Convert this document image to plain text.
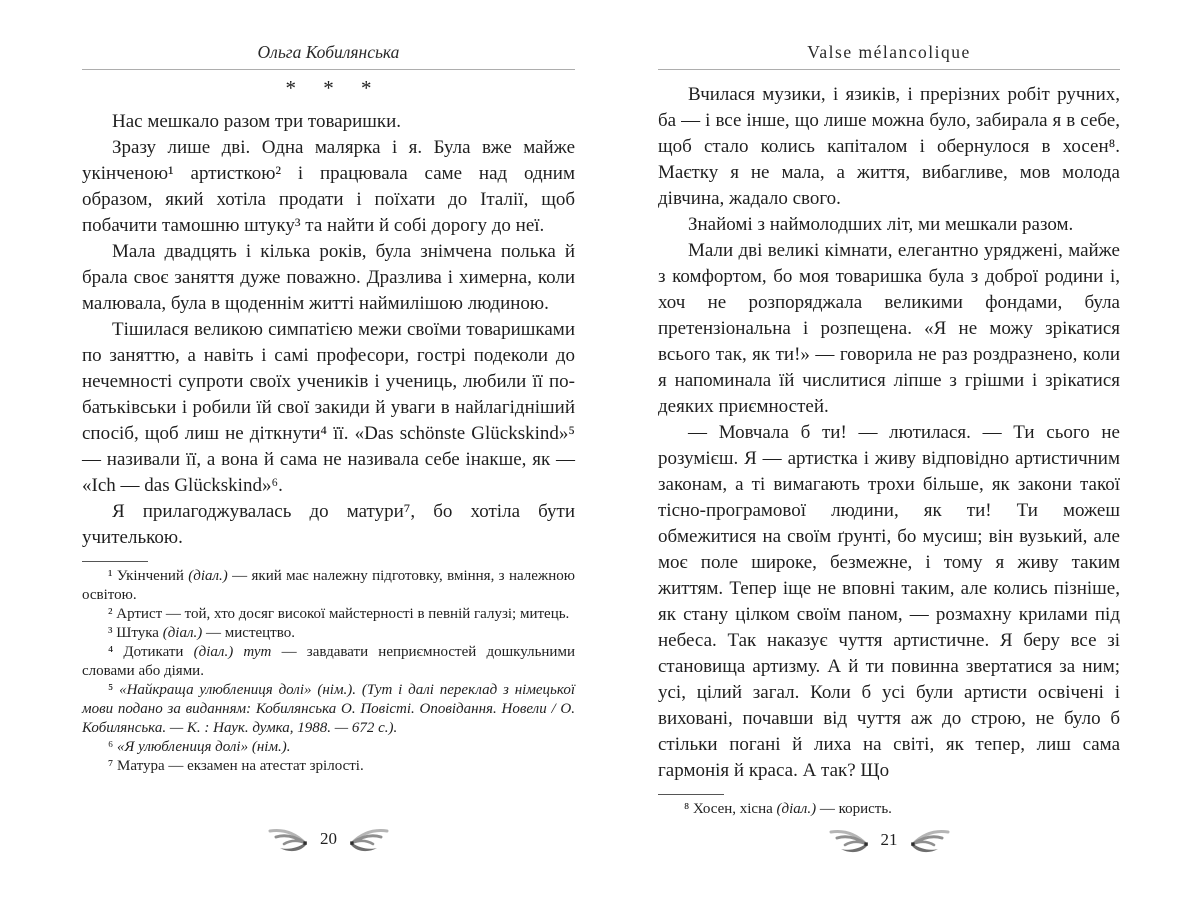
Ольга Кобилянська
* * *

Нас мешкало разом три товаришки.

Зразу лише дві. Одна малярка і я. Була вже майже укінченою¹ артисткою² і працювала саме над одним образом, який хотіла продати і поїхати до Італії, щоб побачити тамошню штуку³ та найти й собі дорогу до неї.

Мала двадцять і кілька років, була знімчена полька й брала своє заняття дуже поважно. Дразлива і химерна, коли малювала, була в щоденнім житті наймилішою людиною.

Тішилася великою симпатією межи своїми товаришками по заняттю, а навіть і самі професори, гострі подеколи до нечемності супроти своїх учеників і учениць, любили її по-батьківськи і робили їй свої закиди й уваги в найлагідніший спосіб, щоб лиш не діткнути⁴ її. «Das schönste Glückskind»⁵ — називали її, а вона й сама не називала себе інакше, як — «Ich — das Glückskind»⁶.

Я прилагоджувалась до матури⁷, бо хотіла бути учителькою.

¹ Укінчений (діал.) — який має належну підготовку, вміння, з належною освітою.

² Артист — той, хто досяг високої майстерності в певній галузі; митець.

³ Штука (діал.) — мистецтво.

⁴ Дотикати (діал.) тут — завдавати неприємностей дошкульними словами або діями.

⁵ «Найкраща улюблениця долі» (нім.). (Тут і далі переклад з німецької мови подано за виданням: Кобилянська О. Повісті. Оповідання. Новели / О. Кобилянська. — К. : Наук. думка, 1988. — 672 с.).

⁶ «Я улюблениця долі» (нім.).

⁷ Матура — екзамен на атестат зрілості.

20
Valse mélancolique

Вчилася музики, і язиків, і прерізних робіт ручних, ба — і все інше, що лише можна було, забирала я в себе, щоб стало колись капіталом і обернулося в хосен⁸. Маєтку я не мала, а життя, вибагливе, мов молода дівчина, жадало свого.

Знайомі з наймолодших літ, ми мешкали разом.

Мали дві великі кімнати, елегантно уряджені, майже з комфортом, бо моя товаришка була з доброї родини і, хоч не розпоряджала великими фондами, була претензіональна і розпещена. «Я не можу зрікатися всього так, як ти!» — говорила не раз роздразнено, коли я напоминала їй числитися ліпше з грішми і зрікатися деяких приємностей.

— Мовчала б ти! — лютилася. — Ти сього не розумієш. Я — артистка і живу відповідно артистичним законам, а ті вимагають трохи більше, як закони такої тісно-програмової людини, як ти! Ти можеш обмежитися на своїм ґрунті, бо мусиш; він вузький, але моє поле широке, безмежне, і тому я живу таким життям. Тепер іще не вповні таким, але колись пізніше, як стану цілком своїм паном, — розмахну крилами під небеса. Так наказує чуття артистичне. Я беру все зі становища артизму. А й ти повинна звертатися за ним; усі, цілий загал. Коли б усі були артисти освічені і виховані, почавши від чуття аж до строю, не було б стільки погані й лиха на світі, як тепер, лиш сама гармонія й краса. А так? Що

⁸ Хосен, хісна (діал.) — користь.

21
